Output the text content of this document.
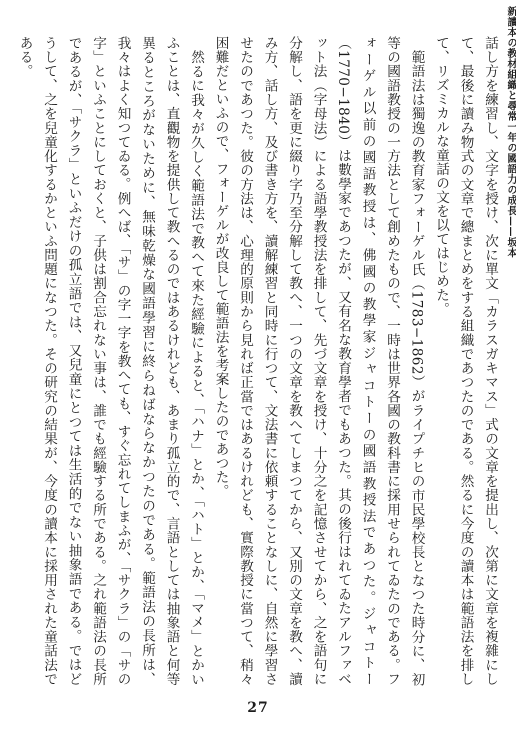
新讀本の教材組織と尋常一年の國語力の成長——坂本

話し方を練習し、文字を授け、次に單文「カラスガキマス」式の文章を提出し、次第に文章を複雜にして、最後に讀み物式の文章で總まとめをする組織であつたのである。然るに今度の讀本は範語法を排して、リズミカルな童話の文を以てはじめた。

範語法は獨逸の教育家フォーゲル氏（1783−1862）がライプチヒの市民學校長となつた時分に、初等の國語教授の一方法として創めたもので、一時は世界各國の教科書に採用せられてゐたのである。フォーゲル以前の國語教授は、佛國の教學家ジャコトーの國語教授法であつた。ジャコトー（1770−1840）は數學家であつたが、又有名な教育學者でもあつた。其の後行はれてゐたアルファベット法（字母法）による語學教授法を排して、先づ文章を授け、十分之を記憶させてから、之を語句に分解し、語を更に綴り字乃至分解して教へ、一つの文章を教へてしまつてから、又別の文章を教へ、讀み方、話し方、及び書き方を、讀解練習と同時に行つて、文法書に依頼することなしに、自然に學習させたのであつた。彼の方法は、心理的原則から見れば正當ではあるけれども、實際教授に當つて、稍々困難だといふので、フォーゲルが改良して範語法を考案したのであつた。

然るに我々が久しく範語法で教へて來た經驗によると、「ハナ」とか、「ハト」とか、「マメ」とかいふことは、直觀物を提供して教へるのではあるけれども、あまり孤立的で、言語としては抽象語と何等異るところがないために、無味乾燥な國語學習に終らねばならなかつたのである。範語法の長所は、我々はよく知つてゐる。例へば、「サ」の字一字を教へても、すぐ忘れてしまふが、「サクラ」の「サの字」といふことにしておくと、子供は割合忘れない事は、誰でも經驗する所である。之れ範語法の長所であるが、「サクラ」といふだけの孤立語では、又兒童にとつては生活的でない抽象語である。ではどうして、之を兒童化するかといふ問題になつた。その研究の結果が、今度の讀本に採用された童話法である。

27
